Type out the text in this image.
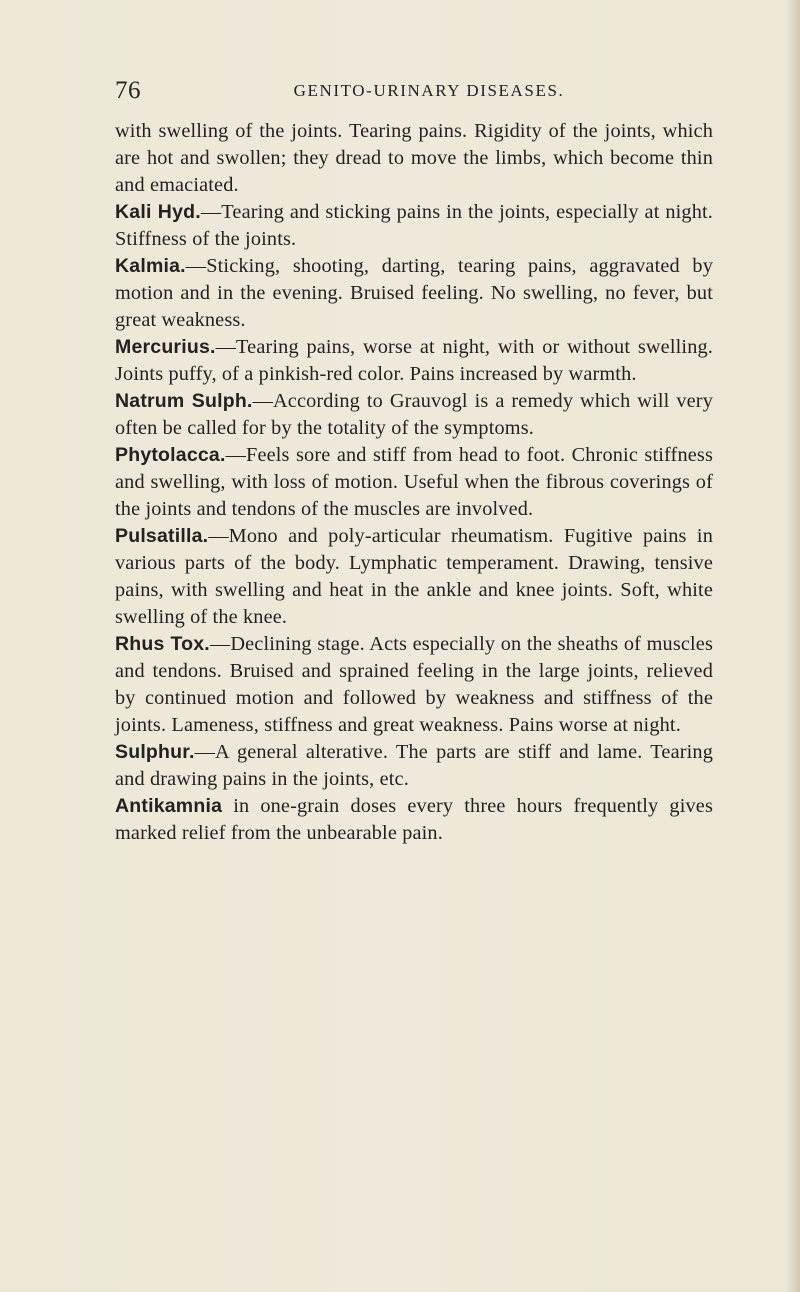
76	GENITO-URINARY DISEASES.

with swelling of the joints. Tearing pains. Rigidity of the joints, which are hot and swollen; they dread to move the limbs, which become thin and emaciated.

Kali Hyd.—Tearing and sticking pains in the joints, especially at night. Stiffness of the joints.

Kalmia.—Sticking, shooting, darting, tearing pains, aggravated by motion and in the evening. Bruised feeling. No swelling, no fever, but great weakness.

Mercurius.—Tearing pains, worse at night, with or without swelling. Joints puffy, of a pinkish-red color. Pains increased by warmth.

Natrum Sulph.—According to Grauvogl is a remedy which will very often be called for by the totality of the symptoms.

Phytolacca.—Feels sore and stiff from head to foot. Chronic stiffness and swelling, with loss of motion. Useful when the fibrous coverings of the joints and tendons of the muscles are involved.

Pulsatilla.—Mono and poly-articular rheumatism. Fugitive pains in various parts of the body. Lymphatic temperament. Drawing, tensive pains, with swelling and heat in the ankle and knee joints. Soft, white swelling of the knee.

Rhus Tox.—Declining stage. Acts especially on the sheaths of muscles and tendons. Bruised and sprained feeling in the large joints, relieved by continued motion and followed by weakness and stiffness of the joints. Lameness, stiffness and great weakness. Pains worse at night.

Sulphur.—A general alterative. The parts are stiff and lame. Tearing and drawing pains in the joints, etc.

Antikamnia in one-grain doses every three hours frequently gives marked relief from the unbearable pain.
